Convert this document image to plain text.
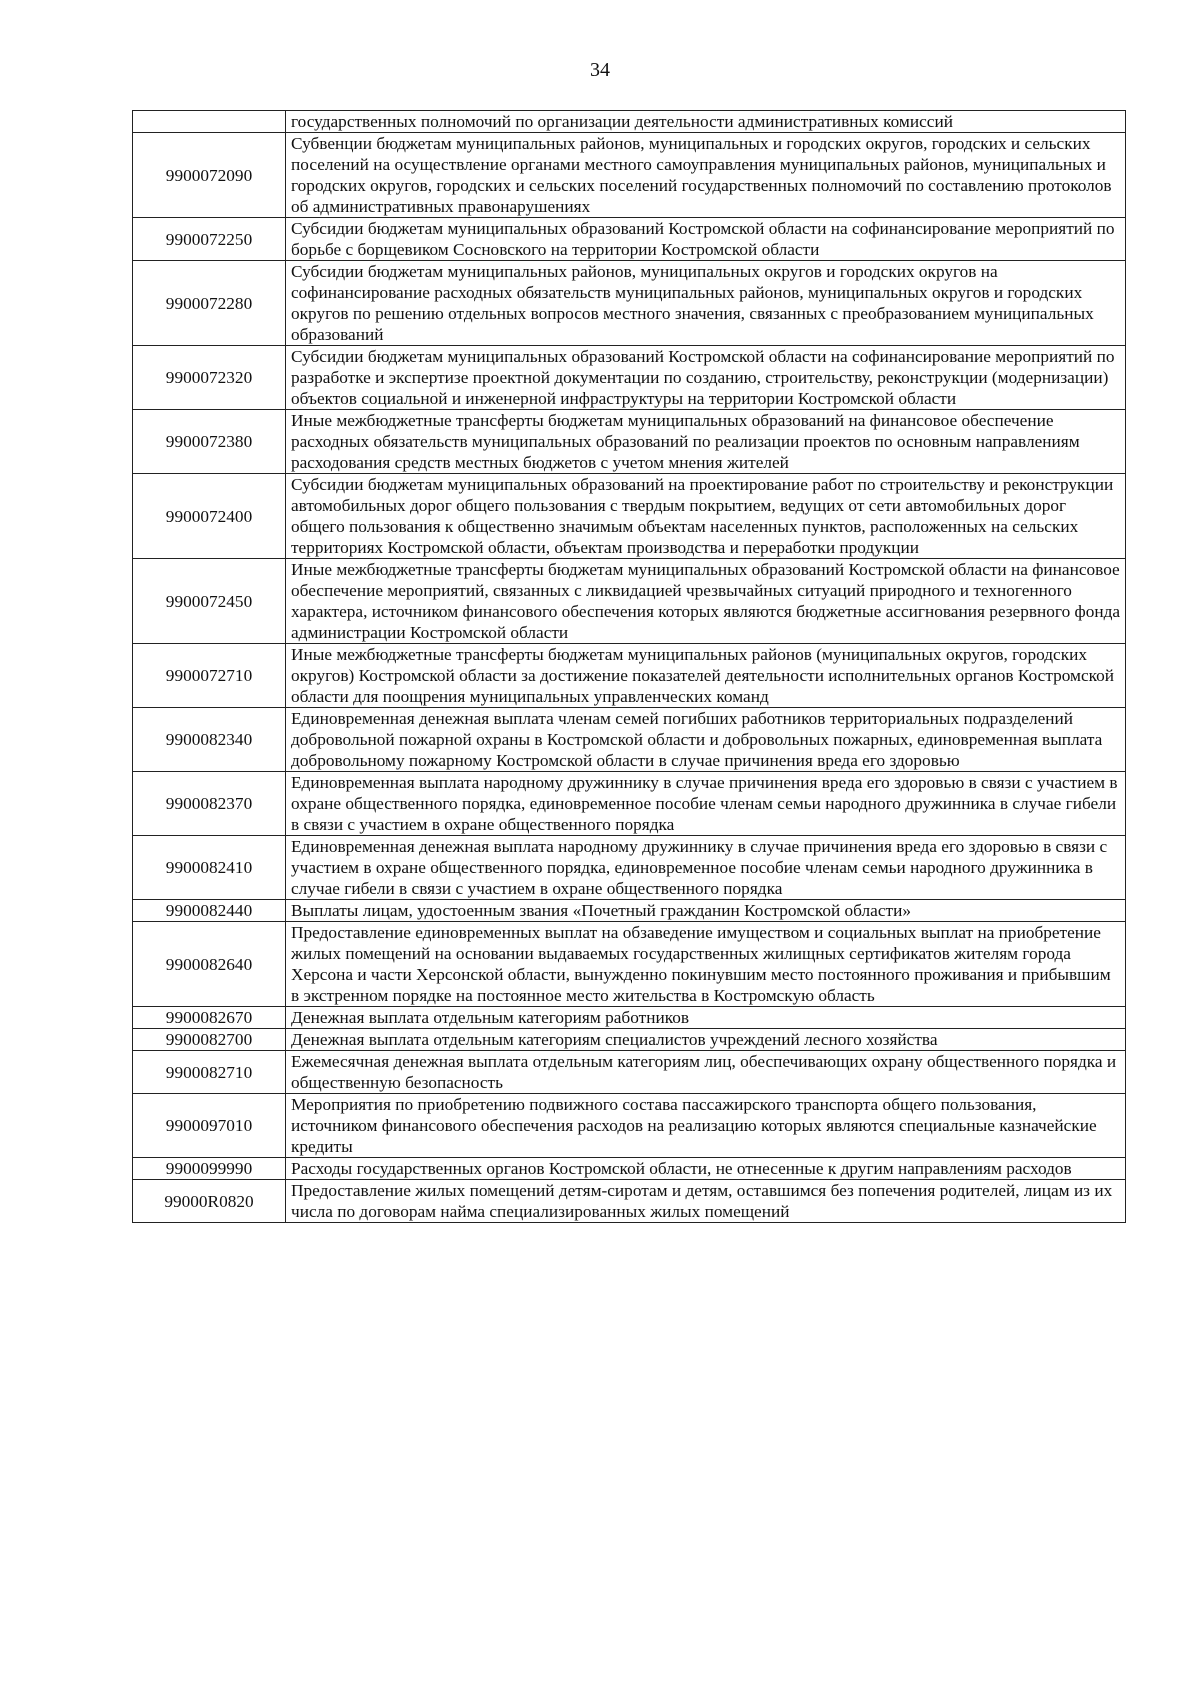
34
	государственных полномочий по организации деятельности административных комиссий
9900072090	Субвенции бюджетам муниципальных районов, муниципальных и городских округов, городских и сельских поселений на осуществление органами местного самоуправления муниципальных районов, муниципальных и городских округов, городских и сельских поселений государственных полномочий по составлению протоколов об административных правонарушениях
9900072250	Субсидии бюджетам муниципальных образований Костромской области на софинансирование мероприятий по борьбе с борщевиком Сосновского на территории Костромской области
9900072280	Субсидии бюджетам муниципальных районов, муниципальных округов и городских округов на софинансирование расходных обязательств муниципальных районов, муниципальных округов и городских округов по решению отдельных вопросов местного значения, связанных с преобразованием муниципальных образований
9900072320	Субсидии бюджетам муниципальных образований Костромской области на софинансирование мероприятий по разработке и экспертизе проектной документации по созданию, строительству, реконструкции (модернизации) объектов социальной и инженерной инфраструктуры на территории Костромской области
9900072380	Иные межбюджетные трансферты бюджетам муниципальных образований на финансовое обеспечение расходных обязательств муниципальных образований по реализации проектов по основным направлениям расходования средств местных бюджетов с учетом мнения жителей
9900072400	Субсидии бюджетам муниципальных образований на проектирование работ по строительству и реконструкции автомобильных дорог общего пользования с твердым покрытием, ведущих от сети автомобильных дорог общего пользования к общественно значимым объектам населенных пунктов, расположенных на сельских территориях Костромской области, объектам производства и переработки продукции
9900072450	Иные межбюджетные трансферты бюджетам муниципальных образований Костромской области на финансовое обеспечение мероприятий, связанных с ликвидацией чрезвычайных ситуаций природного и техногенного характера, источником финансового обеспечения которых являются бюджетные ассигнования резервного фонда администрации Костромской области
9900072710	Иные межбюджетные трансферты бюджетам муниципальных районов (муниципальных округов, городских округов) Костромской области за достижение показателей деятельности исполнительных органов Костромской области для поощрения муниципальных управленческих команд
9900082340	Единовременная денежная выплата членам семей погибших работников территориальных подразделений добровольной пожарной охраны в Костромской области и добровольных пожарных, единовременная выплата добровольному пожарному Костромской области в случае причинения вреда его здоровью
9900082370	Единовременная выплата народному дружиннику в случае причинения вреда его здоровью в связи с участием в охране общественного порядка, единовременное пособие членам семьи народного дружинника в случае гибели в связи с участием в охране общественного порядка
9900082410	Единовременная денежная выплата народному дружиннику в случае причинения вреда его здоровью в связи с участием в охране общественного порядка, единовременное пособие членам семьи народного дружинника в случае гибели в связи с участием в охране общественного порядка
9900082440	Выплаты лицам, удостоенным звания «Почетный гражданин Костромской области»
9900082640	Предоставление единовременных выплат на обзаведение имуществом и социальных выплат на приобретение жилых помещений на основании выдаваемых государственных жилищных сертификатов жителям города Херсона и части Херсонской области, вынужденно покинувшим место постоянного проживания и прибывшим в экстренном порядке на постоянное место жительства в Костромскую область
9900082670	Денежная выплата отдельным категориям работников
9900082700	Денежная выплата отдельным категориям специалистов учреждений лесного хозяйства
9900082710	Ежемесячная денежная выплата отдельным категориям лиц, обеспечивающих охрану общественного порядка и общественную безопасность
9900097010	Мероприятия по приобретению подвижного состава пассажирского транспорта общего пользования, источником финансового обеспечения расходов на реализацию которых являются специальные казначейские кредиты
9900099990	Расходы государственных органов Костромской области, не отнесенные к другим направлениям расходов
99000R0820	Предоставление жилых помещений детям-сиротам и детям, оставшимся без попечения родителей, лицам из их числа по договорам найма специализированных жилых помещений
